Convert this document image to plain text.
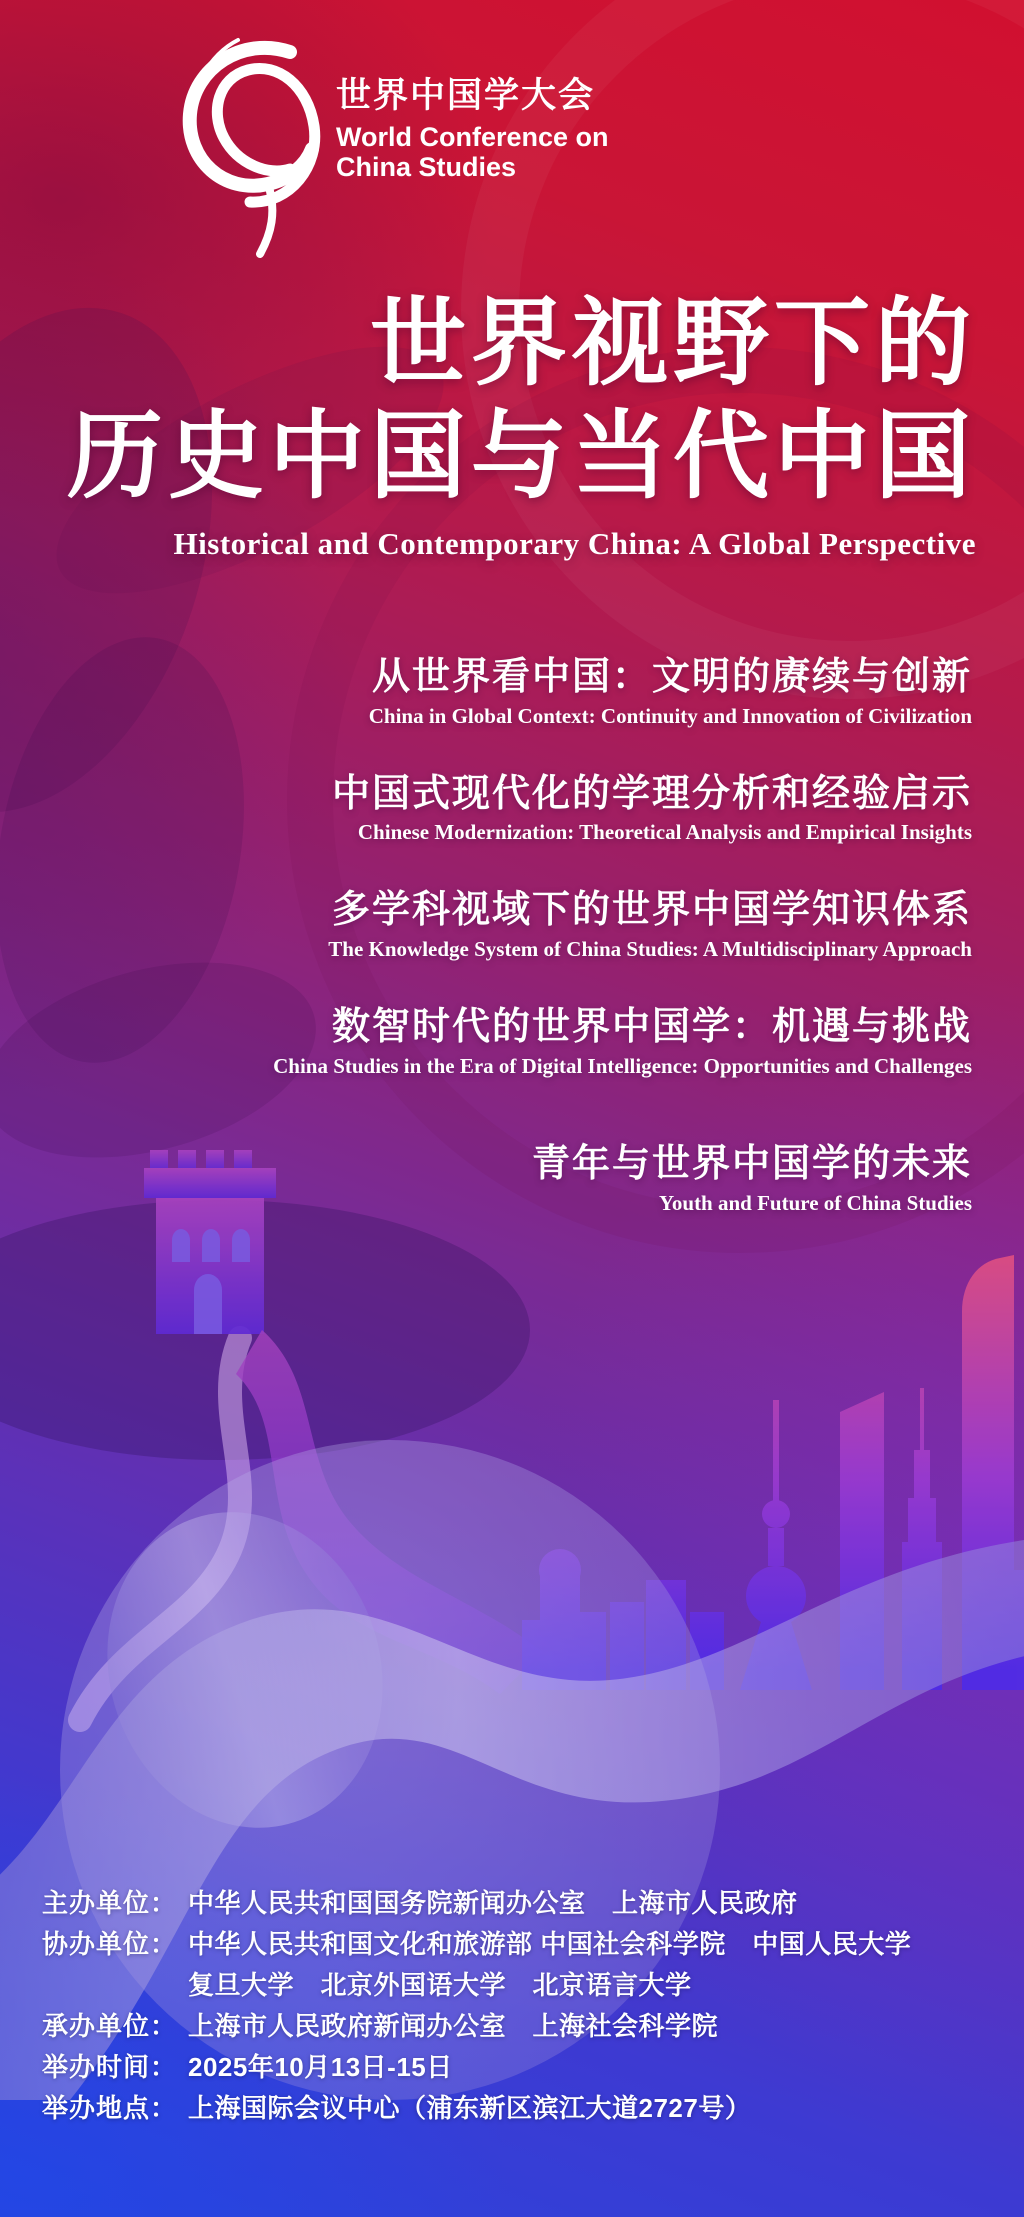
世界中国学大会
World Conference on
China Studies
世界视野下的
历史中国与当代中国
Historical and Contemporary China: A Global Perspective
从世界看中国：文明的赓续与创新
China in Global Context: Continuity and Innovation of Civilization
中国式现代化的学理分析和经验启示
Chinese Modernization: Theoretical Analysis and Empirical Insights
多学科视域下的世界中国学知识体系
The Knowledge System of China Studies: A Multidisciplinary Approach
数智时代的世界中国学：机遇与挑战
China Studies in the Era of Digital Intelligence: Opportunities and Challenges
青年与世界中国学的未来
Youth and Future of China Studies
主办单位： 中华人民共和国国务院新闻办公室　上海市人民政府
协办单位： 中华人民共和国文化和旅游部 中国社会科学院　中国人民大学
复旦大学　北京外国语大学　北京语言大学
承办单位： 上海市人民政府新闻办公室　上海社会科学院
举办时间： 2025年10月13日-15日
举办地点： 上海国际会议中心（浦东新区滨江大道2727号）
